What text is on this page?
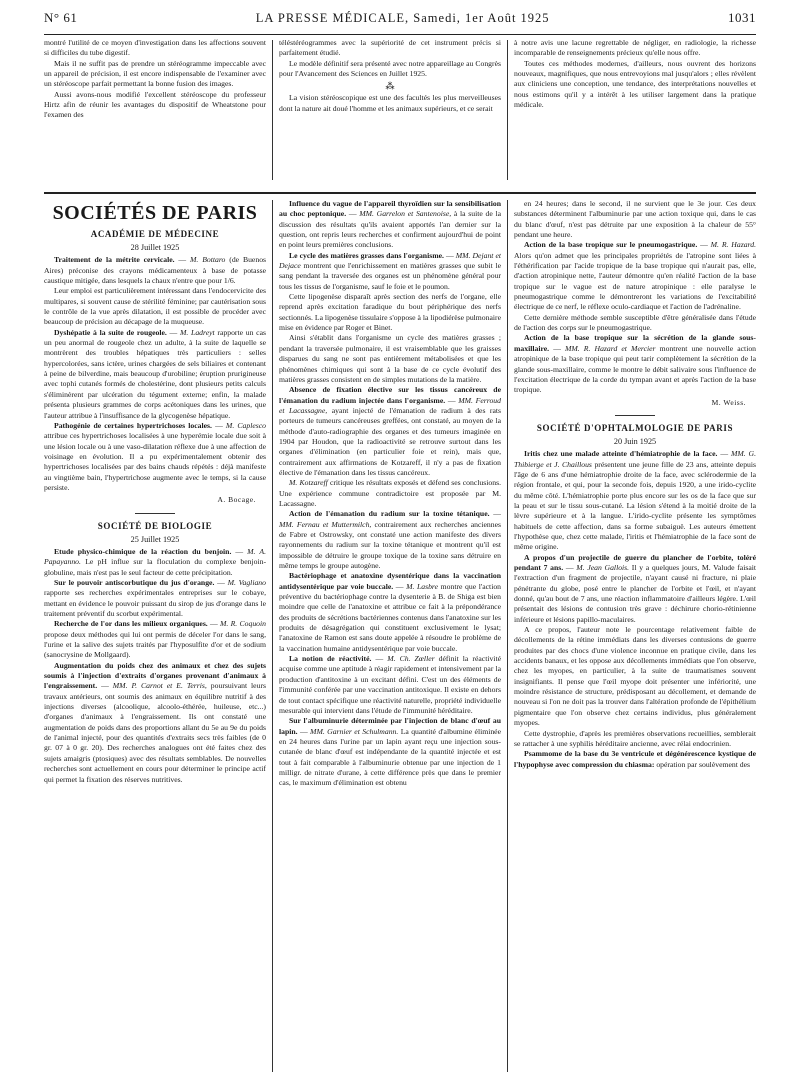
N° 61	LA PRESSE MÉDICALE, Samedi, 1er Août 1925	1031

montré l'utilité de ce moyen d'investigation dans les affections souvent si difficiles du tube digestif.

Mais il ne suffit pas de prendre un stéréogramme impeccable avec un appareil de précision, il est encore indispensable de l'examiner avec un stéréoscope parfait permettant la bonne fusion des images.

Aussi avons-nous modifié l'excellent stéréoscope du professeur Hirtz afin de réunir les avantages du dispositif de Wheatstone pour l'examen des

téléstéréogrammes avec la supériorité de cet instrument précis si parfaitement étudié.

Le modèle définitif sera présenté avec notre appareillage au Congrès pour l'Avancement des Sciences en Juillet 1925.

⁂

La vision stéréoscopique est une des facultés les plus merveilleuses dont la nature ait doué l'homme et les animaux supérieurs, et ce serait

à notre avis une lacune regrettable de négliger, en radiologie, la richesse incomparable de renseignements précieux qu'elle nous offre.

Toutes ces méthodes modernes, d'ailleurs, nous ouvrent des horizons nouveaux, magnifiques, que nous entrevoyions mal jusqu'alors ; elles révèlent aux cliniciens une conception, une tendance, des interprétations nouvelles et nous estimons qu'il y a intérêt à les utiliser largement dans la pratique médicale.

SOCIÉTÉS DE PARIS
ACADÉMIE DE MÉDECINE
28 Juillet 1925

Traitement de la métrite cervicale. — M. Bottaro (de Buenos Aires) préconise des crayons médicamenteux à base de potasse caustique mitigée, dans lesquels la chaux n'entre que pour 1/6.

Leur emploi est particulièrement intéressant dans l'endocervicite des multipares, si souvent cause de stérilité féminine; par cautérisation sous le contrôle de la vue après dilatation, il est possible de procéder avec beaucoup de précision au décapage de la muqueuse.

Dyshépatie à la suite de rougeole. — M. Ladreyt rapporte un cas un peu anormal de rougeole chez un adulte, à la suite de laquelle se montrèrent des troubles hépatiques très particuliers : selles hypercolorées, sans ictère, urines chargées de sels biliaires et contenant à peine de bilverdine, mais beaucoup d'urobiline; éruption prurigineuse avec tophi cutanés formés de cholestérine, dont plusieurs petits calculs s'éliminèrent par ulcération du tégument externe; enfin, la malade présenta plusieurs grammes de corps acétoniques dans les urines, que l'auteur attribue à l'insuffisance de la glycogenèse hépatique.

Pathogénie de certaines hypertrichoses locales. — M. Caplesco attribue ces hypertrichoses localisées à une hyperémie locale due soit à une lésion locale ou à une vaso-dilatation réflexe due à une affection de voisinage en évolution. Il a pu expérimentalement obtenir des hypertrichoses localisées par des bains chauds répétés : déjà manifeste au vingtième bain, l'hypertrichose augmente avec le temps, si la cause persiste.

A. Bocage.
SOCIÉTÉ DE BIOLOGIE
25 Juillet 1925

Etude physico-chimique de la réaction du benjoin. — M. A. Papayanno. Le pH influe sur la floculation du complexe benjoin-globuline, mais n'est pas le seul facteur de cette précipitation.

Sur le pouvoir antiscorbutique du jus d'orange. — M. Vagliano rapporte ses recherches expérimentales entreprises sur le cobaye, mettant en évidence le pouvoir puissant du sirop de jus d'orange dans le traitement préventif du scorbut expérimental.

Recherche de l'or dans les milieux organiques. — M. R. Coquoin propose deux méthodes qui lui ont permis de déceler l'or dans le sang, l'urine et la salive des sujets traités par l'hyposulfite d'or et de sodium (sanocrysine de Mollgaard).

Augmentation du poids chez des animaux et chez des sujets soumis à l'injection d'extraits d'organes provenant d'animaux à l'engraissement. — MM. P. Carnot et E. Terris, poursuivant leurs travaux antérieurs, ont soumis des animaux en équilibre nutritif à des injections diverses (alcoolique, alcoolo-éthérée, huileuse, etc...) d'organes d'animaux à l'engraissement. Ils ont constaté une augmentation de poids dans des proportions allant du 5e au 9e du poids de l'animal injecté, pour des quantités d'extraits secs très faibles (de 0 gr. 07 à 0 gr. 20). Des recherches analogues ont été faites chez des sujets amaigris (ptosiques) avec des résultats semblables. De nouvelles recherches sont actuellement en cours pour déterminer le principe actif qui permet la fixation des réserves nutritives.

Influence du vague de l'appareil thyroïdien sur la sensibilisation au choc peptonique. — MM. Garrelon et Santenoise, à la suite de la discussion des résultats qu'ils avaient apportés l'an dernier sur la question, ont repris leurs recherches et confirment aujourd'hui de point en point leurs premières conclusions.

Le cycle des matières grasses dans l'organisme. — MM. Dejant et Dejace montrent que l'enrichissement en matières grasses que subit le sang pendant la traversée des organes est un phénomène général pour tous les tissus de l'organisme, sauf le foie et le poumon.

Cette lipogenèse disparaît après section des nerfs de l'organe, elle reprend après excitation faradique du bout périphérique des nerfs sectionnés. La lipogenèse tissulaire s'oppose à la lipodiérèse pulmonaire mise en évidence par Roger et Binet.

Ainsi s'établit dans l'organisme un cycle des matières grasses ; pendant la traversée pulmonaire, il est vraisemblable que les graisses disparues du sang ne sont pas entièrement métabolisées et que les phénomènes chimiques qui sont à la base de ce cycle évolutif des matières grasses consistent en de simples mutations de la matière.

Absence de fixation élective sur les tissus cancéreux de l'émanation du radium injectée dans l'organisme. — MM. Ferroud et Lacassagne, ayant injecté de l'émanation de radium à des rats porteurs de tumeurs cancéreuses greffées, ont constaté, au moyen de la méthode d'auto-radiographie des organes et des tumeurs imaginée en 1904 par Houdon, que la radioactivité se retrouve surtout dans les organes d'élimination (en particulier foie et rein), mais que, contrairement aux affirmations de Kotzareff, il n'y a pas de fixation élective de l'émanation dans les tissus cancéreux.

M. Kotzareff critique les résultats exposés et défend ses conclusions. Une expérience commune contradictoire est proposée par M. Lacassagne.

Action de l'émanation du radium sur la toxine tétanique. — MM. Fernau et Muttermilch, contrairement aux recherches anciennes de Fabre et Ostrowsky, ont constaté une action manifeste des divers rayonnements du radium sur la toxine tétanique et montrent qu'il est impossible de détruire le groupe toxique de la toxine sans détruire en même temps le groupe autogène.

Bactériophage et anatoxine dysentérique dans la vaccination antidysentérique par voie buccale. — M. Lasbre montre que l'action préventive du bactériophage contre la dysenterie à B. de Shiga est bien moindre que celle de l'anatoxine et attribue ce fait à la prépondérance des produits de sécrétions bactériennes contenus dans l'anatoxine sur les produits de désagrégation qui constituent exclusivement le lysat; l'anatoxine de Ramon est sans doute appelée à résoudre le problème de la vaccination humaine antidysentérique par voie buccale.

La notion de réactivité. — M. Ch. Zœller définit la réactivité acquise comme une aptitude à réagir rapidement et intensivement par la production d'antitoxine à un excitant défini. C'est un des éléments de l'immunité conférée par une vaccination antitoxique. Il existe en dehors de tout contact spécifique une réactivité naturelle, propriété individuelle mesurable qui intervient dans l'étude de l'immunité héréditaire.

Sur l'albuminurie déterminée par l'injection de blanc d'œuf au lapin. — MM. Garnier et Schulmann. La quantité d'albumine éliminée en 24 heures dans l'urine par un lapin ayant reçu une injection sous-cutanée de blanc d'œuf est indépendante de la quantité injectée et est tout à fait comparable à l'albuminurie obtenue par une injection de 1 milligr. de nitrate d'urane, à cette différence près que dans le premier cas, le maximum d'élimination est obtenu

en 24 heures; dans le second, il ne survient que le 3e jour. Ces deux substances déterminent l'albuminurie par une action toxique qui, dans le cas du blanc d'œuf, n'est pas détruite par une exposition à la chaleur de 55° pendant une heure.

Action de la base tropique sur le pneumogastrique. — M. R. Hazard. Alors qu'on admet que les principales propriétés de l'atropine sont liées à l'éthérification par l'acide tropique de la base tropique qui n'aurait pas, elle, d'action atropinique nette, l'auteur démontre qu'en réalité l'action de la base tropique sur le vague est de nature atropinique : elle paralyse le pneumogastrique comme le démontreront les variations de l'excitabilité électrique de ce nerf, le réflexe oculo-cardiaque et l'action de l'adrénaline.

Cette dernière méthode semble susceptible d'être généralisée dans l'étude de l'action des corps sur le pneumogastrique.

Action de la base tropique sur la sécrétion de la glande sous-maxillaire. — MM. R. Hazard et Mercier montrent une nouvelle action atropinique de la base tropique qui peut tarir complètement la sécrétion de la glande sous-maxillaire, comme le montre le débit salivaire sous l'influence de l'excitation électrique de la corde du tympan avant et après l'action de la base tropique.

M. Weiss.
SOCIÉTÉ D'OPHTALMOLOGIE DE PARIS
20 Juin 1925

Iritis chez une malade atteinte d'hémiatrophie de la face. — MM. G. Thibierge et J. Chaillous présentent une jeune fille de 23 ans, atteinte depuis l'âge de 6 ans d'une hémiatrophie droite de la face, avec sclérodermie de la région frontale, et qui, pour la seconde fois, depuis 1920, a une irido-cyclite du même côté. L'hémiatrophie porte plus encore sur les os de la face que sur la peau et sur le tissu sous-cutané. La lésion s'étend à la moitié droite de la lèvre supérieure et à la langue. L'irido-cyclite présente les symptômes habituels de cette affection, dans sa forme subaiguë. Les auteurs émettent l'hypothèse que, chez cette malade, l'iritis et l'hémiatrophie de la face sont de même origine.

A propos d'un projectile de guerre du plancher de l'orbite, toléré pendant 7 ans. — M. Jean Gallois. Il y a quelques jours, M. Valude faisait l'extraction d'un fragment de projectile, n'ayant causé ni fracture, ni plaie pénétrante du globe, posé entre le plancher de l'orbite et l'œil, et n'ayant donné, qu'au bout de 7 ans, une réaction inflammatoire d'ailleurs légère. L'œil présentait des lésions de contusion très grave : déchirure chorio-rétinienne inférieure et lésions papillo-maculaires.

A ce propos, l'auteur note le pourcentage relativement faible de décollements de la rétine immédiats dans les diverses contusions de guerre produites par des chocs d'une violence inconnue en pratique civile, dans les accidents banaux, et les oppose aux décollements immédiats que l'on observe, chez les myopes, en particulier, à la suite de traumatismes souvent insignifiants. Il pense que l'œil myope doit présenter une infériorité, une moindre résistance de structure, prédisposant au décollement, et demande de nouveau si l'on ne doit pas la trouver dans l'altération profonde de l'épithélium pigmentaire que l'on observe chez certains individus, plus généralement myopes.

Cette dystrophie, d'après les premières observations recueillies, semblerait se rattacher à une syphilis héréditaire ancienne, avec rélai endocrinien.

Psammome de la base du 3e ventricule et dégénérescence kystique de l'hypophyse avec compression du chiasma: opération par soulèvement des
